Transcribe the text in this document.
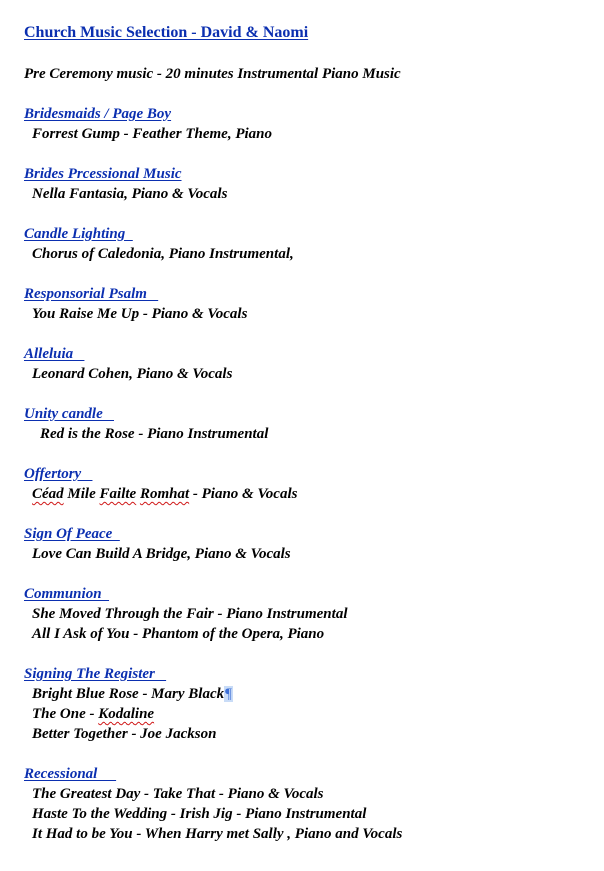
Church Music Selection - David & Naomi
Pre Ceremony music - 20 minutes Instrumental Piano Music
Bridesmaids / Page Boy
Forrest Gump - Feather Theme, Piano
Brides Prcessional Music
Nella Fantasia, Piano & Vocals
Candle Lighting
Chorus of Caledonia, Piano Instrumental,
Responsorial Psalm
You Raise Me Up - Piano & Vocals
Alleluia
Leonard Cohen, Piano & Vocals
Unity candle
Red is the Rose - Piano Instrumental
Offertory
Céad Mile Failte Romhat - Piano & Vocals
Sign Of Peace
Love Can Build A Bridge, Piano & Vocals
Communion
She Moved Through the Fair - Piano Instrumental
All I Ask of You - Phantom of the Opera, Piano
Signing The Register
Bright Blue Rose - Mary Black¶
The One - Kodaline
Better Together - Joe Jackson
Recessional
The Greatest Day - Take That - Piano & Vocals
Haste To the Wedding - Irish Jig - Piano Instrumental
It Had to be You - When Harry met Sally , Piano and Vocals
